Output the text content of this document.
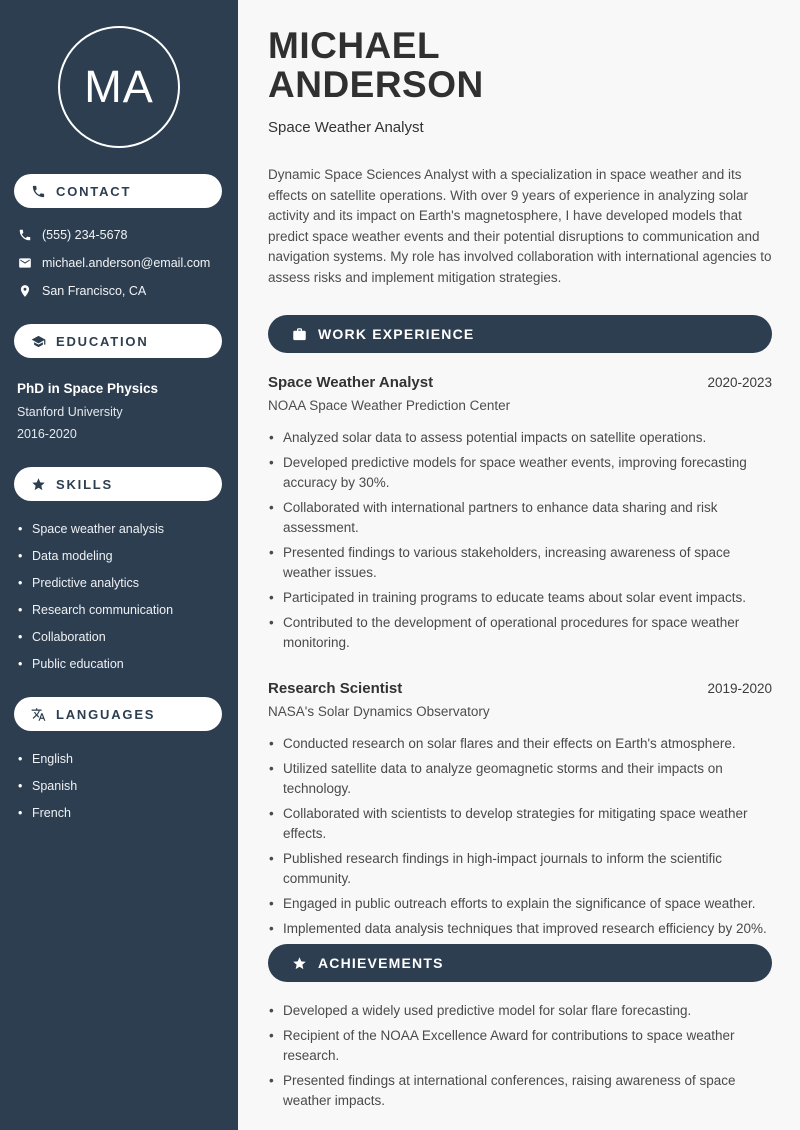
MA
CONTACT
(555) 234-5678
michael.anderson@email.com
San Francisco, CA
EDUCATION
PhD in Space Physics
Stanford University
2016-2020
SKILLS
• Space weather analysis
• Data modeling
• Predictive analytics
• Research communication
• Collaboration
• Public education
LANGUAGES
• English
• Spanish
• French
MICHAEL
ANDERSON
Space Weather Analyst

Dynamic Space Sciences Analyst with a specialization in space weather and its effects on satellite operations. With over 9 years of experience in analyzing solar activity and its impact on Earth's magnetosphere, I have developed models that predict space weather events and their potential disruptions to communication and navigation systems. My role has involved collaboration with international agencies to assess risks and implement mitigation strategies.

WORK EXPERIENCE
Space Weather Analyst	2020-2023
NOAA Space Weather Prediction Center
• Analyzed solar data to assess potential impacts on satellite operations.
• Developed predictive models for space weather events, improving forecasting accuracy by 30%.
• Collaborated with international partners to enhance data sharing and risk assessment.
• Presented findings to various stakeholders, increasing awareness of space weather issues.
• Participated in training programs to educate teams about solar event impacts.
• Contributed to the development of operational procedures for space weather monitoring.
Research Scientist	2019-2020
NASA's Solar Dynamics Observatory
• Conducted research on solar flares and their effects on Earth's atmosphere.
• Utilized satellite data to analyze geomagnetic storms and their impacts on technology.
• Collaborated with scientists to develop strategies for mitigating space weather effects.
• Published research findings in high-impact journals to inform the scientific community.
• Engaged in public outreach efforts to explain the significance of space weather.
• Implemented data analysis techniques that improved research efficiency by 20%.
ACHIEVEMENTS
• Developed a widely used predictive model for solar flare forecasting.
• Recipient of the NOAA Excellence Award for contributions to space weather research.
• Presented findings at international conferences, raising awareness of space weather impacts.
